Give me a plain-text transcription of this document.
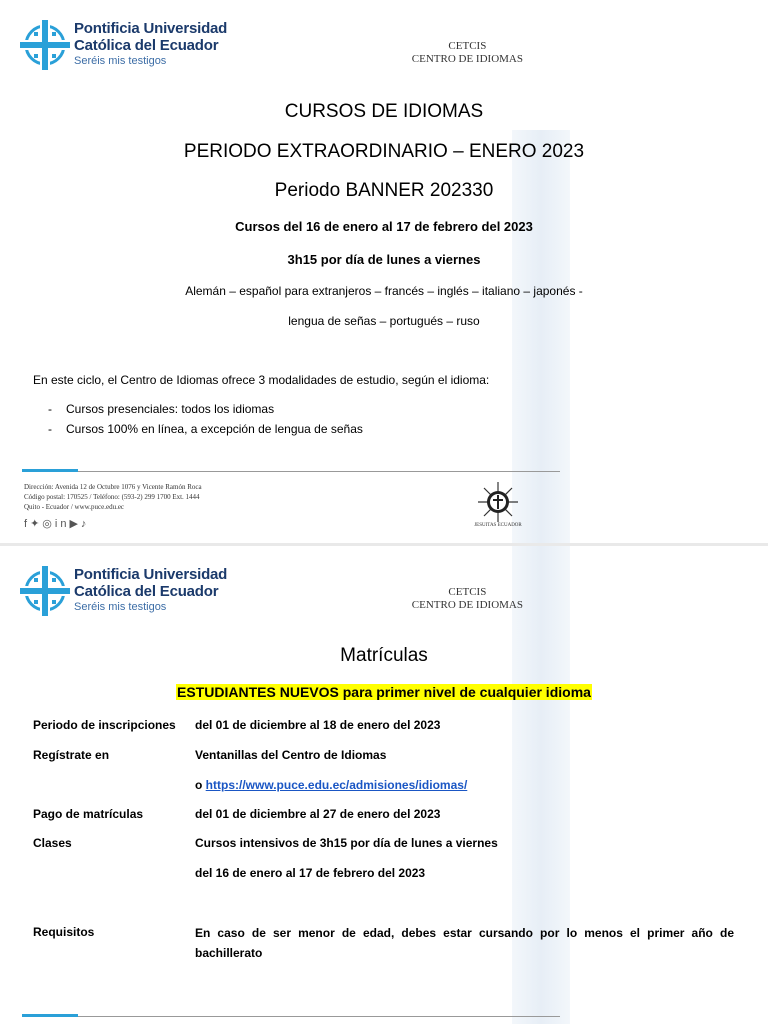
Pontificia Universidad
Católica del Ecuador
Seréis mis testigos
CETCIS
CENTRO DE IDIOMAS
CURSOS DE IDIOMAS
PERIODO EXTRAORDINARIO – ENERO 2023
Periodo BANNER 202330
Cursos del 16 de enero al 17 de febrero del 2023
3h15 por día de lunes a viernes
Alemán – español para extranjeros – francés – inglés – italiano – japonés -
lengua de señas – portugués – ruso
En este ciclo, el Centro de Idiomas ofrece 3 modalidades de estudio, según el idioma:
- Cursos presenciales: todos los idiomas
- Cursos 100% en línea, a excepción de lengua de señas
Dirección: Avenida 12 de Octubre 1076 y Vicente Ramón Roca
Código postal: 170525 / Teléfono: (593-2) 299 1700 Ext. 1444
Quito - Ecuador / www.puce.edu.ec
f✦◎in▶♪	JESUITAS ECUADOR
Pontificia Universidad
Católica del Ecuador
Seréis mis testigos
CETCIS
CENTRO DE IDIOMAS
Matrículas
ESTUDIANTES NUEVOS para primer nivel de cualquier idioma
Periodo de inscripciones del 01 de diciembre al 18 de enero del 2023
Regístrate en	Ventanillas del Centro de Idiomas
o https://www.puce.edu.ec/admisiones/idiomas/
Pago de matrículas	del 01 de diciembre al 27 de enero del 2023
Clases	Cursos intensivos de 3h15 por día de lunes a viernes
del 16 de enero al 17 de febrero del 2023
Requisitos	En caso de ser menor de edad, debes estar cursando por lo menos el primer año de
bachillerato
